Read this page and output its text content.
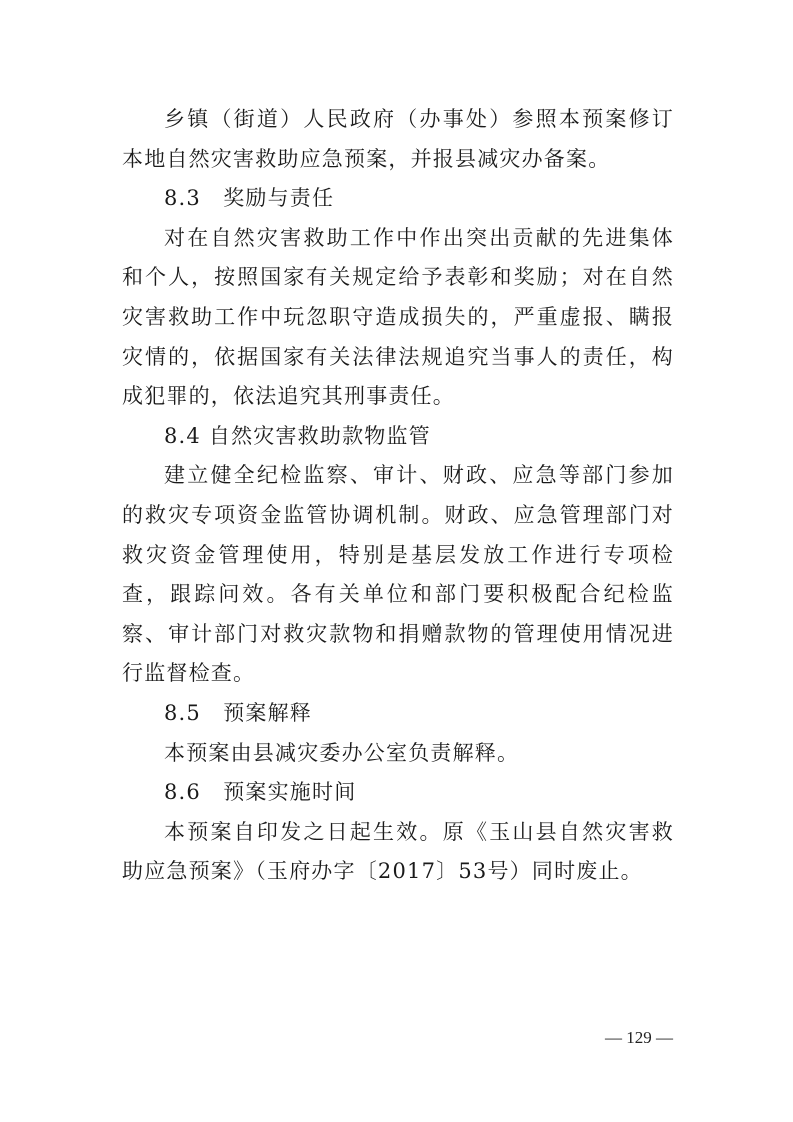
乡镇（街道）人民政府（办事处）参照本预案修订本地自然灾害救助应急预案，并报县减灾办备案。

8.3　奖励与责任

对在自然灾害救助工作中作出突出贡献的先进集体和个人，按照国家有关规定给予表彰和奖励；对在自然灾害救助工作中玩忽职守造成损失的，严重虚报、瞒报灾情的，依据国家有关法律法规追究当事人的责任，构成犯罪的，依法追究其刑事责任。

8.4 自然灾害救助款物监管

建立健全纪检监察、审计、财政、应急等部门参加的救灾专项资金监管协调机制。财政、应急管理部门对救灾资金管理使用，特别是基层发放工作进行专项检查，跟踪问效。各有关单位和部门要积极配合纪检监察、审计部门对救灾款物和捐赠款物的管理使用情况进行监督检查。

8.5　预案解释

本预案由县减灾委办公室负责解释。

8.6　预案实施时间

本预案自印发之日起生效。原《玉山县自然灾害救助应急预案》（玉府办字〔2017〕53号）同时废止。

— 129 —
